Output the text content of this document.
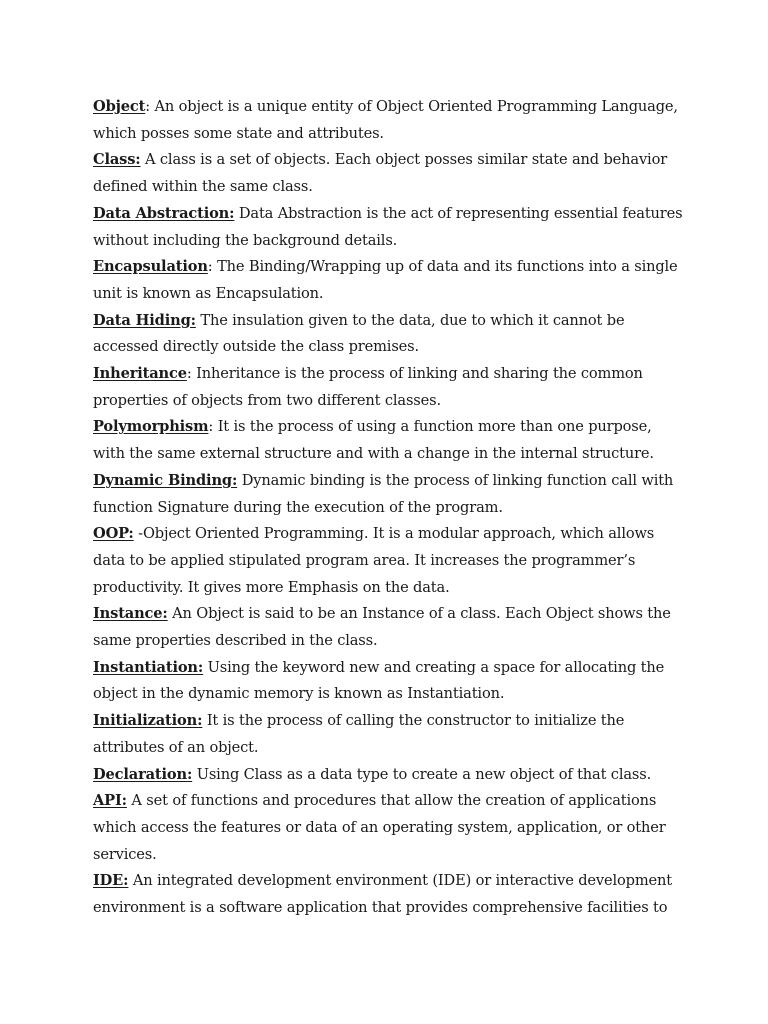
Object: An object is a unique entity of Object Oriented Programming Language, which posses some state and attributes.

Class: A class is a set of objects. Each object posses similar state and behavior defined within the same class.

Data Abstraction: Data Abstraction is the act of representing essential features without including the background details.

Encapsulation: The Binding/Wrapping up of data and its functions into a single unit is known as Encapsulation.

Data Hiding: The insulation given to the data, due to which it cannot be accessed directly outside the class premises.

Inheritance: Inheritance is the process of linking and sharing the common properties of objects from two different classes.

Polymorphism: It is the process of using a function more than one purpose, with the same external structure and with a change in the internal structure.

Dynamic Binding: Dynamic binding is the process of linking function call with function Signature during the execution of the program.

OOP: -Object Oriented Programming. It is a modular approach, which allows data to be applied stipulated program area. It increases the programmer’s productivity. It gives more Emphasis on the data.

Instance: An Object is said to be an Instance of a class. Each Object shows the same properties described in the class.

Instantiation: Using the keyword new and creating a space for allocating the object in the dynamic memory is known as Instantiation.

Initialization: It is the process of calling the constructor to initialize the attributes of an object.

Declaration: Using Class as a data type to create a new object of that class.

API: A set of functions and procedures that allow the creation of applications which access the features or data of an operating system, application, or other services.

IDE: An integrated development environment (IDE) or interactive development environment is a software application that provides comprehensive facilities to
